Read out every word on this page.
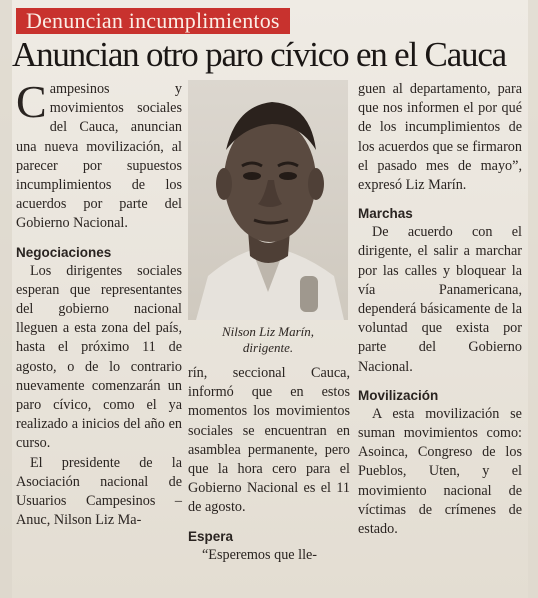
Denuncian incumplimientos
Anuncian otro paro cívico en el Cauca

Campesinos y movimientos sociales del Cauca, anuncian una nueva movilización, al parecer por supuestos incumplimientos de los acuerdos por parte del Gobierno Nacional.

Negociaciones

Los dirigentes sociales esperan que representantes del gobierno nacional lleguen a esta zona del país, hasta el próximo 11 de agosto, o de lo contrario nuevamente comenzarán un paro cívico, como el ya realizado a inicios del año en curso.

El presidente de la Asociación nacional de Usuarios Campesinos –Anuc, Nilson Liz Ma-

Nilson Liz Marín,
dirigente.

rín, seccional Cauca, informó que en estos momentos los movimientos sociales se encuentran en asamblea permanente, pero que la hora cero para el Gobierno Nacional es el 11 de agosto.

Espera

“Esperemos que lle-

guen al departamento, para que nos informen el por qué de los incumplimientos de los acuerdos que se firmaron el pasado mes de mayo”, expresó Liz Marín.

Marchas

De acuerdo con el dirigente, el salir a marchar por las calles y bloquear la vía Panamericana, dependerá básicamente de la voluntad que exista por parte del Gobierno Nacional.

Movilización

A esta movilización se suman movimientos como: Asoinca, Congreso de los Pueblos, Uten, y el movimiento nacional de víctimas de crímenes de estado.
